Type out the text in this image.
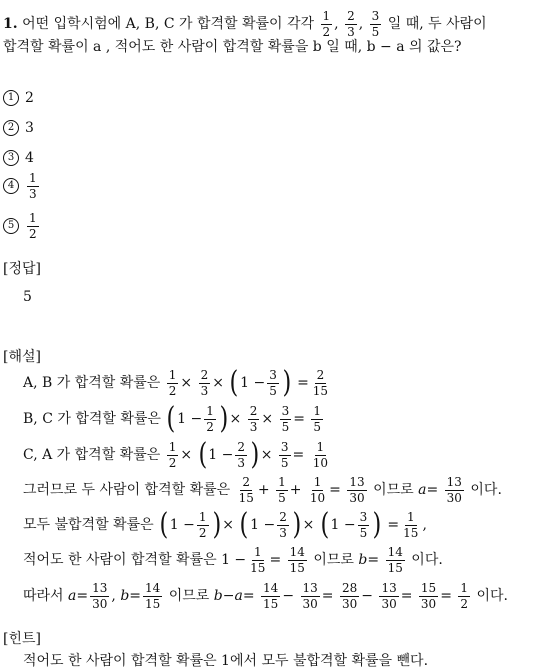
1. 어떤 입학시험에 A, B, C 가 합격할 확률이 각각 $\frac{1}{2}$ , $\frac{2}{3}$ , $\frac{3}{5}$ 일 때, 두 사람이
합격할 확률이 a , 적어도 한 사람이 합격할 확률을 b 일 때, b − a 의 값은?
1 2
2 3
3 4
$4 \frac{1}{3}$
$5 \frac{1}{2}$
[정답]
5
[해설]
A, B 가 합격할 확률은 $\frac{1}{2} \times \frac{2}{3}$ × ( $1 - \frac{3}{5}$ ) = $\frac{2}{15}$
B, C 가 합격할 확률은 ( $1 - \frac{1}{2}$ ) × $\frac{2}{3} \times \frac{3}{5} = \frac{1}{5}$
C, A 가 합격할 확률은 $\frac{1}{2}$ × ( $1 - \frac{2}{3}$ ) × $\frac{3}{5} = \frac{1}{10}$
그러므로 두 사람이 합격할 확률은 $\frac{2}{15} + \frac{1}{5} + \frac{1}{10} = \frac{13}{30}$ 이므로 $a= \frac{13}{30}$ 이다.
모두 불합격할 확률은 ( $1 - \frac{1}{2}$ ) × ( $1 - \frac{2}{3}$ ) × ( $1 - \frac{3}{5}$ ) = $\frac{1}{15}$ ,
적어도 한 사람이 합격할 확률은 $1 - \frac{1}{15} = \frac{14}{15}$ 이므로 $b= \frac{14}{15}$ 이다.
따라서 $a= \frac{13}{30}$ , $b= \frac{14}{15}$ 이므로 $b-a= \frac{14}{15} - \frac{13}{30} = \frac{28}{30} - \frac{13}{30} = \frac{15}{30} = \frac{1}{2}$ 이다.
[힌트]
적어도 한 사람이 합격할 확률은 1에서 모두 불합격할 확률을 뺀다.
